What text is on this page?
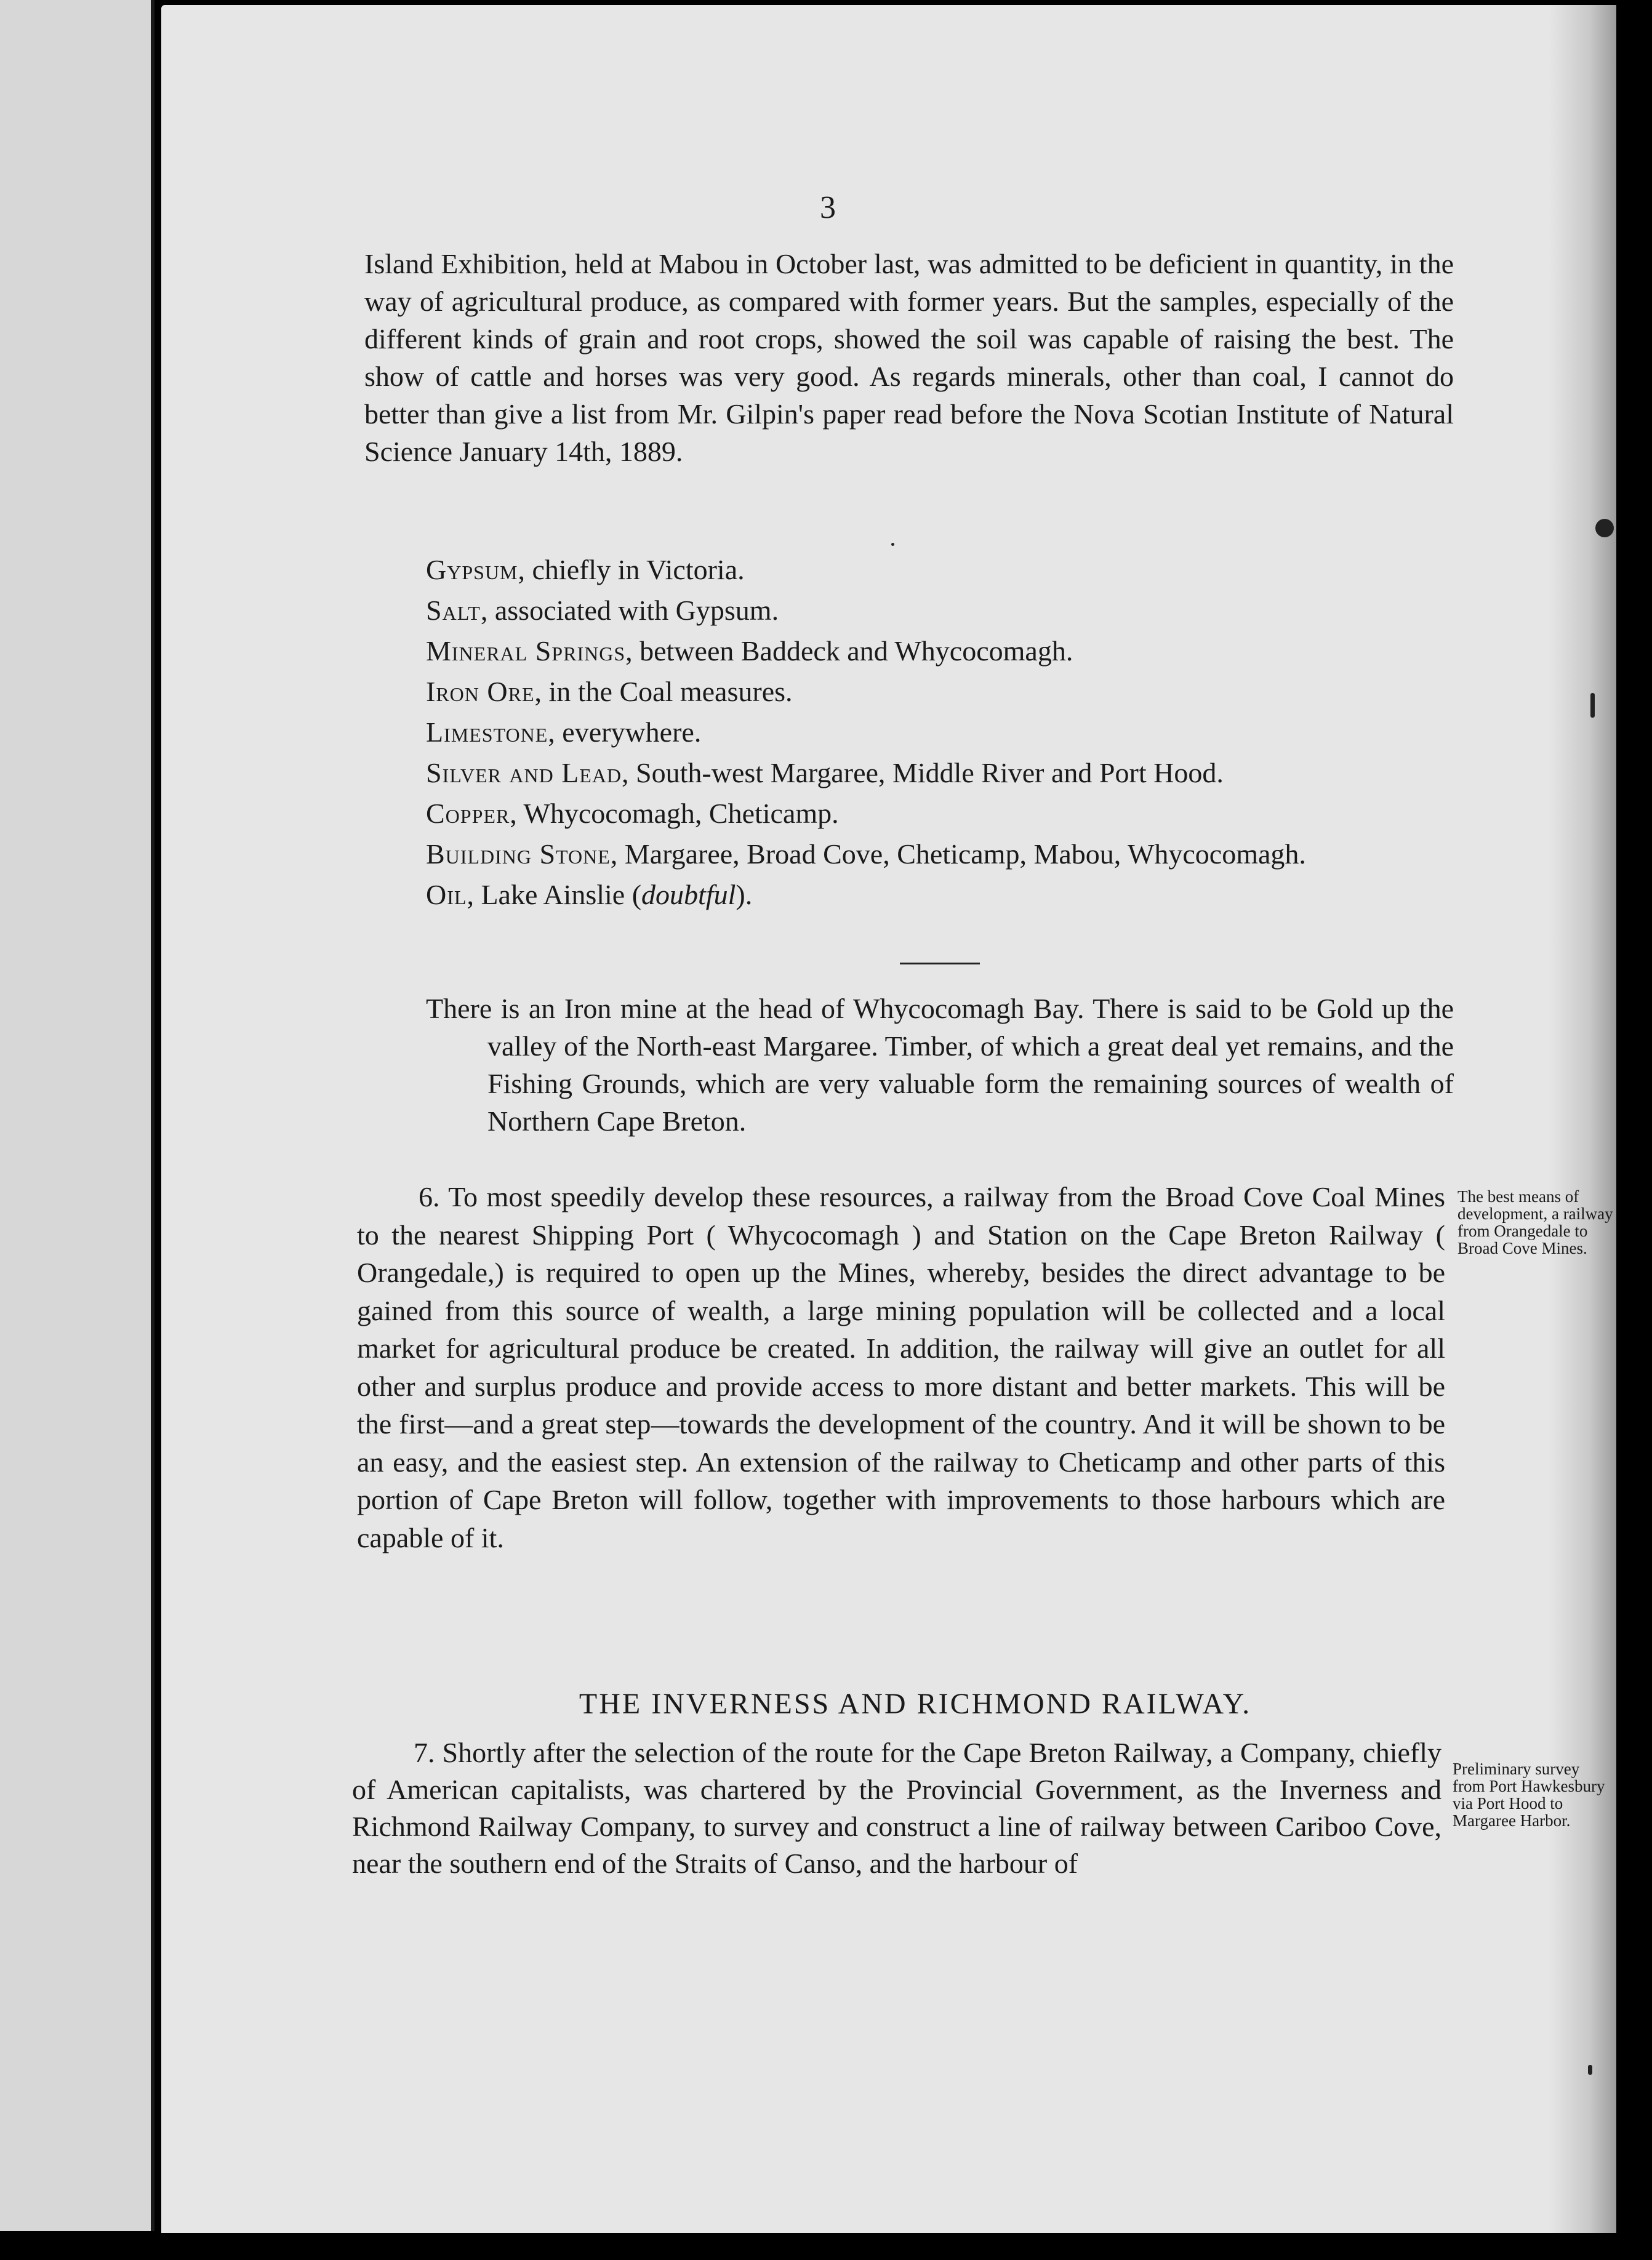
3

Island Exhibition, held at Mabou in October last, was admitted to be deficient in quantity, in the way of agricultural produce, as compared with former years. But the samples, especially of the different kinds of grain and root crops, showed the soil was capable of raising the best. The show of cattle and horses was very good. As regards minerals, other than coal, I cannot do better than give a list from Mr. Gilpin's paper read before the Nova Scotian Institute of Natural Science January 14th, 1889.

Gypsum, chiefly in Victoria.
Salt, associated with Gypsum.
Mineral Springs, between Baddeck and Whycocomagh.
Iron Ore, in the Coal measures.
Limestone, everywhere.
Silver and Lead, South-west Margaree, Middle River and Port Hood.
Copper, Whycocomagh, Cheticamp.
Building Stone, Margaree, Broad Cove, Cheticamp, Mabou, Whycocomagh.
Oil, Lake Ainslie (doubtful).

There is an Iron mine at the head of Whycocomagh Bay. There is said to be Gold up the valley of the North-east Margaree. Timber, of which a great deal yet remains, and the Fishing Grounds, which are very valuable form the remaining sources of wealth of Northern Cape Breton.

6. To most speedily develop these resources, a railway from the Broad Cove Coal Mines to the nearest Shipping Port ( Whycocomagh ) and Station on the Cape Breton Railway ( Orangedale,) is required to open up the Mines, whereby, besides the direct advantage to be gained from this source of wealth, a large mining population will be collected and a local market for agricultural produce be created. In addition, the railway will give an outlet for all other and surplus produce and provide access to more distant and better markets. This will be the first—and a great step—towards the development of the country. And it will be shown to be an easy, and the easiest step. An extension of the railway to Cheticamp and other parts of this portion of Cape Breton will follow, together with improvements to those harbours which are capable of it.

The best means of development, a railway from Orangedale to Broad Cove Mines.
THE INVERNESS AND RICHMOND RAILWAY.

7. Shortly after the selection of the route for the Cape Breton Railway, a Company, chiefly of American capitalists, was chartered by the Provincial Government, as the Inverness and Richmond Railway Company, to survey and construct a line of railway between Cariboo Cove, near the southern end of the Straits of Canso, and the harbour of

Preliminary survey from Port Hawkesbury via Port Hood to Margaree Harbor.
